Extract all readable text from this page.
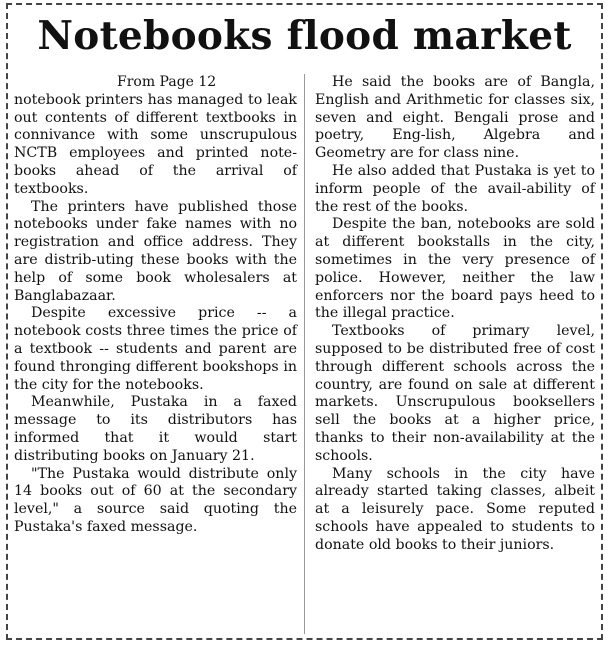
Notebooks flood market

From Page 12

notebook printers has managed to leak out contents of different textbooks in connivance with some unscrupulous NCTB employees and printed note-books ahead of the arrival of textbooks.

The printers have published those notebooks under fake names with no registration and office address. They are distrib-uting these books with the help of some book wholesalers at Banglabazaar.

Despite excessive price -- a notebook costs three times the price of a textbook -- students and parent are found thronging different bookshops in the city for the notebooks.

Meanwhile, Pustaka in a faxed message to its distributors has informed that it would start distributing books on January 21.

"The Pustaka would distribute only 14 books out of 60 at the secondary level," a source said quoting the Pustaka's faxed message.

He said the books are of Bangla, English and Arithmetic for classes six, seven and eight. Bengali prose and poetry, Eng-lish, Algebra and Geometry are for class nine.

He also added that Pustaka is yet to inform people of the avail-ability of the rest of the books.

Despite the ban, notebooks are sold at different bookstalls in the city, sometimes in the very presence of police. However, neither the law enforcers nor the board pays heed to the illegal practice.

Textbooks of primary level, supposed to be distributed free of cost through different schools across the country, are found on sale at different markets. Unscrupulous booksellers sell the books at a higher price, thanks to their non-availability at the schools.

Many schools in the city have already started taking classes, albeit at a leisurely pace. Some reputed schools have appealed to students to donate old books to their juniors.
